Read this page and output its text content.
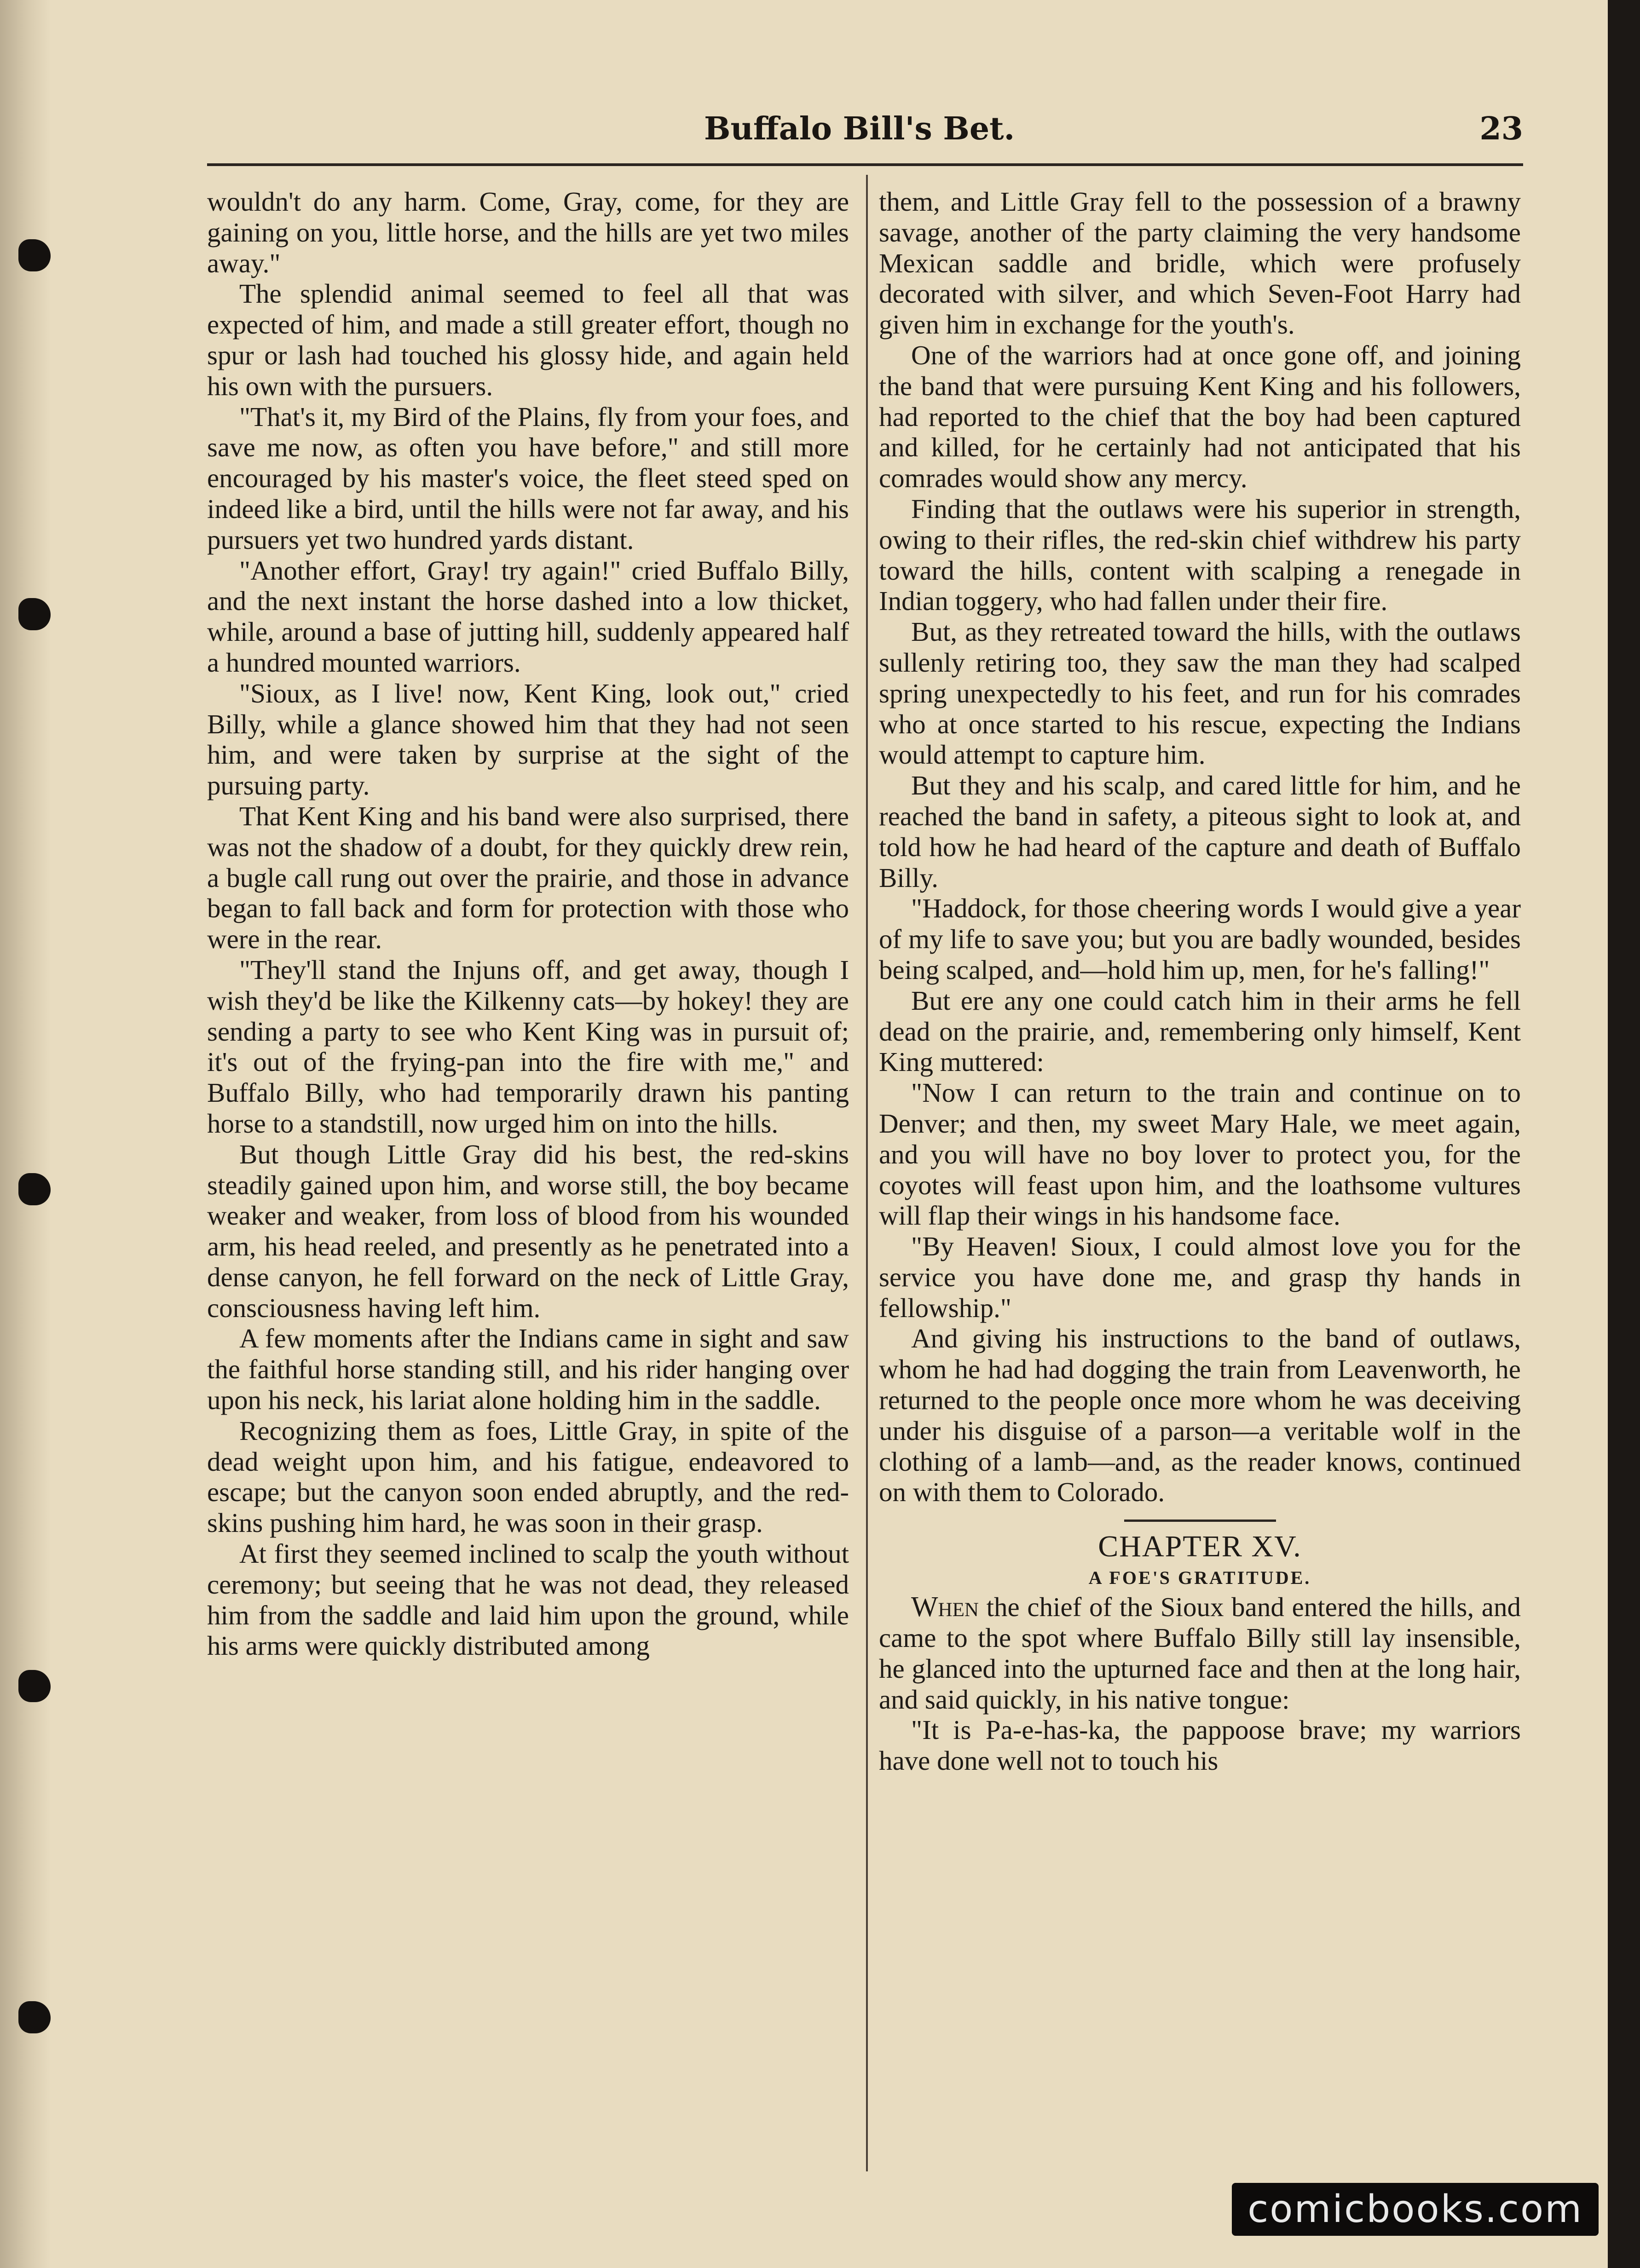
Buffalo Bill's Bet.	23

wouldn't do any harm. Come, Gray, come, for they are gaining on you, little horse, and the hills are yet two miles away."

The splendid animal seemed to feel all that was expected of him, and made a still greater effort, though no spur or lash had touched his glossy hide, and again held his own with the pursuers.

"That's it, my Bird of the Plains, fly from your foes, and save me now, as often you have before," and still more encouraged by his master's voice, the fleet steed sped on indeed like a bird, until the hills were not far away, and his pursuers yet two hundred yards distant.

"Another effort, Gray! try again!" cried Buffalo Billy, and the next instant the horse dashed into a low thicket, while, around a base of jutting hill, suddenly appeared half a hundred mounted warriors.

"Sioux, as I live! now, Kent King, look out," cried Billy, while a glance showed him that they had not seen him, and were taken by surprise at the sight of the pursuing party.

That Kent King and his band were also surprised, there was not the shadow of a doubt, for they quickly drew rein, a bugle call rung out over the prairie, and those in advance began to fall back and form for protection with those who were in the rear.

"They'll stand the Injuns off, and get away, though I wish they'd be like the Kilkenny cats—by hokey! they are sending a party to see who Kent King was in pursuit of; it's out of the frying-pan into the fire with me," and Buffalo Billy, who had temporarily drawn his panting horse to a standstill, now urged him on into the hills.

But though Little Gray did his best, the red-skins steadily gained upon him, and worse still, the boy became weaker and weaker, from loss of blood from his wounded arm, his head reeled, and presently as he penetrated into a dense canyon, he fell forward on the neck of Little Gray, consciousness having left him.

A few moments after the Indians came in sight and saw the faithful horse standing still, and his rider hanging over upon his neck, his lariat alone holding him in the saddle.

Recognizing them as foes, Little Gray, in spite of the dead weight upon him, and his fatigue, endeavored to escape; but the canyon soon ended abruptly, and the red-skins pushing him hard, he was soon in their grasp.

At first they seemed inclined to scalp the youth without ceremony; but seeing that he was not dead, they released him from the saddle and laid him upon the ground, while his arms were quickly distributed among

them, and Little Gray fell to the possession of a brawny savage, another of the party claiming the very handsome Mexican saddle and bridle, which were profusely decorated with silver, and which Seven-Foot Harry had given him in exchange for the youth's.

One of the warriors had at once gone off, and joining the band that were pursuing Kent King and his followers, had reported to the chief that the boy had been captured and killed, for he certainly had not anticipated that his comrades would show any mercy.

Finding that the outlaws were his superior in strength, owing to their rifles, the red-skin chief withdrew his party toward the hills, content with scalping a renegade in Indian toggery, who had fallen under their fire.

But, as they retreated toward the hills, with the outlaws sullenly retiring too, they saw the man they had scalped spring unexpectedly to his feet, and run for his comrades who at once started to his rescue, expecting the Indians would attempt to capture him.

But they and his scalp, and cared little for him, and he reached the band in safety, a piteous sight to look at, and told how he had heard of the capture and death of Buffalo Billy.

"Haddock, for those cheering words I would give a year of my life to save you; but you are badly wounded, besides being scalped, and—hold him up, men, for he's falling!"

But ere any one could catch him in their arms he fell dead on the prairie, and, remembering only himself, Kent King muttered:

"Now I can return to the train and continue on to Denver; and then, my sweet Mary Hale, we meet again, and you will have no boy lover to protect you, for the coyotes will feast upon him, and the loathsome vultures will flap their wings in his handsome face.

"By Heaven! Sioux, I could almost love you for the service you have done me, and grasp thy hands in fellowship."

And giving his instructions to the band of outlaws, whom he had had dogging the train from Leavenworth, he returned to the people once more whom he was deceiving under his disguise of a parson—a veritable wolf in the clothing of a lamb—and, as the reader knows, continued on with them to Colorado.

CHAPTER XV.

A FOE'S GRATITUDE.

When the chief of the Sioux band entered the hills, and came to the spot where Buffalo Billy still lay insensible, he glanced into the upturned face and then at the long hair, and said quickly, in his native tongue:

"It is Pa-e-has-ka, the pappoose brave; my warriors have done well not to touch his

comicbooks.com
